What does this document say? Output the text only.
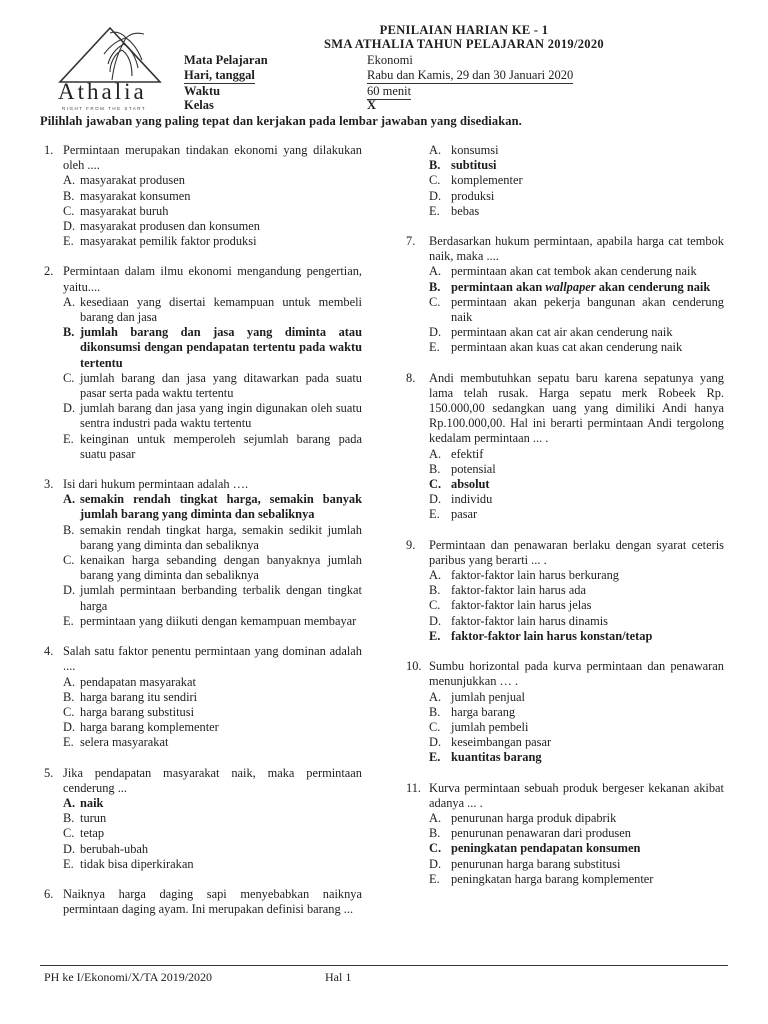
Athalia
RIGHT FROM THE START
PENILAIAN HARIAN KE - 1
SMA ATHALIA TAHUN PELAJARAN 2019/2020
Mata Pelajaran	Ekonomi
Hari, tanggal	Rabu dan Kamis, 29 dan 30 Januari 2020
Waktu	60 menit
Kelas	X
Pilihlah jawaban yang paling tepat dan kerjakan pada lembar jawaban yang disediakan.
1. Permintaan merupakan tindakan ekonomi yang dilakukan oleh ....
A. masyarakat produsen
B. masyarakat konsumen
C. masyarakat buruh
D. masyarakat produsen dan konsumen
E. masyarakat pemilik faktor produksi
2. Permintaan dalam ilmu ekonomi mengandung pengertian, yaitu....
A. kesediaan yang disertai kemampuan untuk membeli barang dan jasa
B. jumlah barang dan jasa yang diminta atau dikonsumsi dengan pendapatan tertentu pada waktu tertentu
C. jumlah barang dan jasa yang ditawarkan pada suatu pasar serta pada waktu tertentu
D. jumlah barang dan jasa yang ingin digunakan oleh suatu sentra industri pada waktu tertentu
E. keinginan untuk memperoleh sejumlah barang pada suatu pasar
3. Isi dari hukum permintaan adalah ….
A. semakin rendah tingkat harga, semakin banyak jumlah barang yang diminta dan sebaliknya
B. semakin rendah tingkat harga, semakin sedikit jumlah barang yang diminta dan sebaliknya
C. kenaikan harga sebanding dengan banyaknya jumlah barang yang diminta dan sebaliknya
D. jumlah permintaan berbanding terbalik dengan tingkat harga
E. permintaan yang diikuti dengan kemampuan membayar
4. Salah satu faktor penentu permintaan yang dominan adalah ....
A. pendapatan masyarakat
B. harga barang itu sendiri
C. harga barang substitusi
D. harga barang komplementer
E. selera masyarakat
5. Jika pendapatan masyarakat naik, maka permintaan cenderung ...
A. naik
B. turun
C. tetap
D. berubah-ubah
E. tidak bisa diperkirakan
6. Naiknya harga daging sapi menyebabkan naiknya permintaan daging ayam. Ini merupakan definisi barang ...
A. konsumsi
B. subtitusi
C. komplementer
D. produksi
E. bebas
7.	Berdasarkan hukum permintaan, apabila harga cat tembok naik, maka ....
A. permintaan akan cat tembok akan cenderung naik
B. permintaan akan wallpaper akan cenderung naik
C. permintaan akan pekerja bangunan akan cenderung naik
D. permintaan akan cat air akan cenderung naik
E. permintaan akan kuas cat akan cenderung naik
8.	Andi membutuhkan sepatu baru karena sepatunya yang lama telah rusak. Harga sepatu merk Robeek Rp. 150.000,00 sedangkan uang yang dimiliki Andi hanya Rp.100.000,00. Hal ini berarti permintaan Andi tergolong kedalam permintaan ... .
A. efektif
B. potensial
C. absolut
D. individu
E. pasar
9.	Permintaan dan penawaran berlaku dengan syarat ceteris paribus yang berarti ... .
A. faktor-faktor lain harus berkurang
B. faktor-faktor lain harus ada
C. faktor-faktor lain harus jelas
D. faktor-faktor lain harus dinamis
E. faktor-faktor lain harus konstan/tetap
10. Sumbu horizontal pada kurva permintaan dan penawaran menunjukkan … .
A. jumlah penjual
B. harga barang
C. jumlah pembeli
D. keseimbangan pasar
E. kuantitas barang
11. Kurva permintaan sebuah produk bergeser kekanan akibat adanya ... .
A. penurunan harga produk dipabrik
B. penurunan penawaran dari produsen
C. peningkatan pendapatan konsumen
D. penurunan harga barang substitusi
E. peningkatan harga barang komplementer
PH ke I/Ekonomi/X/TA 2019/2020	Hal 1
